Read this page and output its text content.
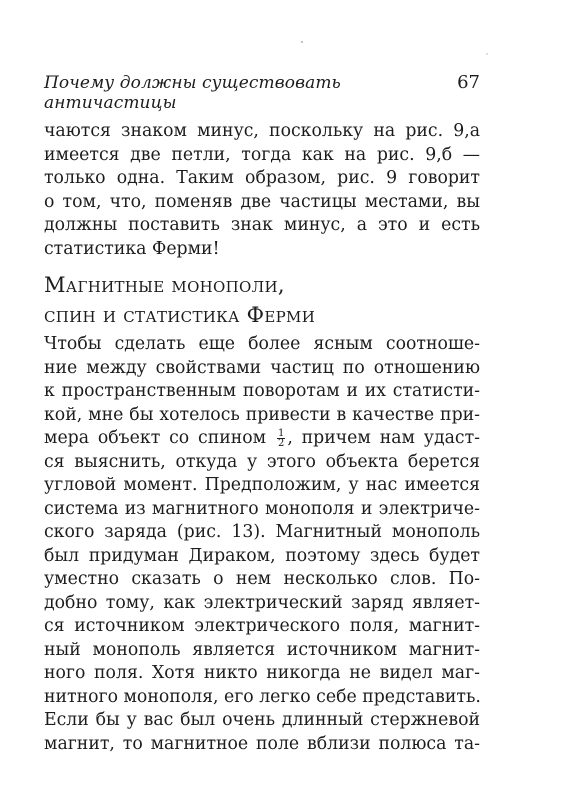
Почему должны существовать античастицы
67
чаются знаком минус, поскольку на рис. 9,а
имеется две петли, тогда как на рис. 9,б —
только одна. Таким образом, рис. 9 говорит
о том, что, поменяв две частицы местами, вы
должны поставить знак минус, а это и есть
статистика Ферми!
Магнитные монополи,
спин и статистика Ферми
Чтобы сделать еще более ясным соотноше-
ние между свойствами частиц по отношению
к пространственным поворотам и их статисти-
кой, мне бы хотелось привести в качестве при-
мера объект со спином $\frac{1}{2}$ , причем нам удаст-
ся выяснить, откуда у этого объекта берется
угловой момент. Предположим, у нас имеется
система из магнитного монополя и электриче-
ского заряда (рис. 13). Магнитный монополь
был придуман Дираком, поэтому здесь будет
уместно сказать о нем несколько слов. По-
добно тому, как электрический заряд являет-
ся источником электрического поля, магнит-
ный монополь является источником магнит-
ного поля. Хотя никто никогда не видел маг-
нитного монополя, его легко себе представить.
Если бы у вас был очень длинный стержневой
магнит, то магнитное поле вблизи полюса та-
